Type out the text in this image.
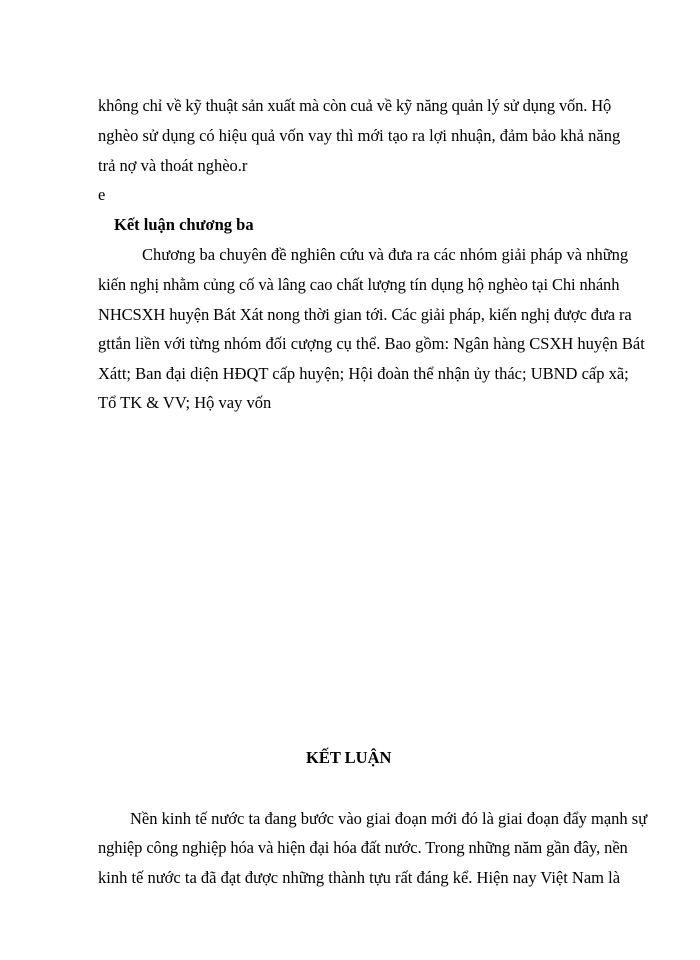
không chỉ về kỹ thuật sản xuất mà còn cuả về kỹ năng quản lý sử dụng vốn. Hộ
nghèo sử dụng có hiệu quả vốn vay thì mới tạo ra lợi nhuận, đảm bảo khả năng
trả nợ và thoát nghèo.r
e
Kết luận chương ba
Chương ba chuyên đề nghiên cứu và đưa ra các nhóm giải pháp và những
kiến nghị nhằm củng cố và lâng cao chất lượng tín dụng hộ nghèo tại Chi nhánh
NHCSXH huyện Bát Xát nong thời gian tới. Các giải pháp, kiến nghị được đưa ra
gttắn liền với từng nhóm đối cượng cụ thể. Bao gồm: Ngân hàng CSXH huyện Bát
Xátt; Ban đại diện HĐQT cấp huyện; Hội đoàn thể nhận ủy thác; UBND cấp xã;
Tổ TK & VV; Hộ vay vốn
KẾT LUẬN
Nền kinh tế nước ta đang bước vào giai đoạn mới đó là giai đoạn đẩy mạnh sự
nghiệp công nghiệp hóa và hiện đại hóa đất nước. Trong những năm gần đây, nền
kinh tế nước ta đã đạt được những thành tựu rất đáng kể. Hiện nay Việt Nam là
